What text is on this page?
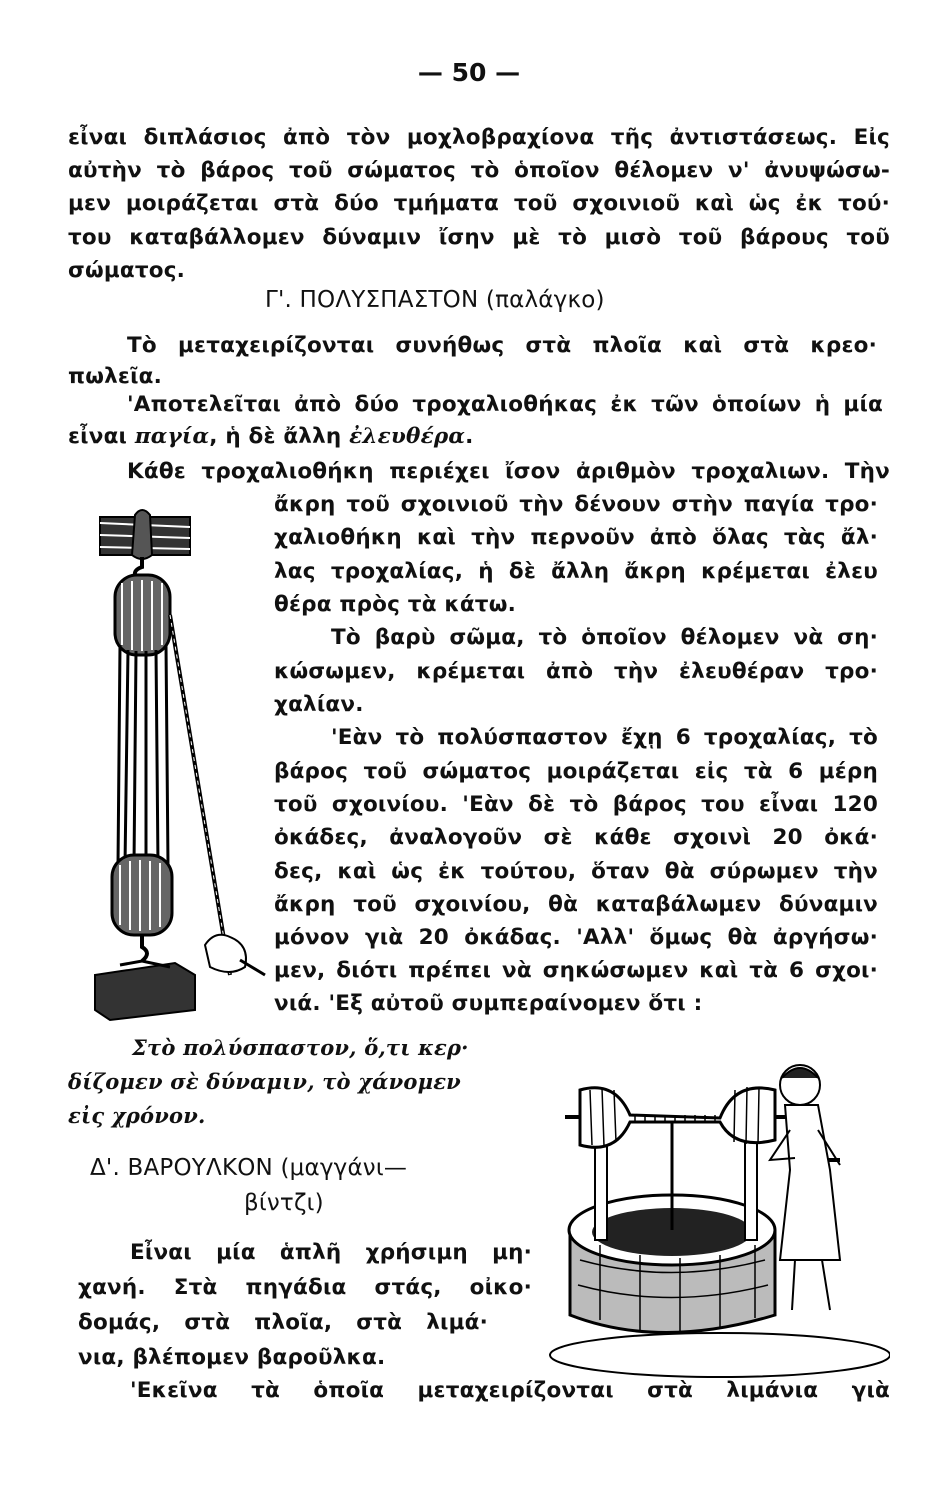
— 50 —
εἶναι διπλάσιος ἀπὸ τὸν μοχλοβραχίονα τῆς ἀντιστάσεως. Εἰς
αὐτὴν τὸ βάρος τοῦ σώματος τὸ ὁποῖον θέλομεν ν' ἀνυψώσω-
μεν μοιράζεται στὰ δύο τμήματα τοῦ σχοινιοῦ καὶ ὡς ἐκ τού·
του καταβάλλομεν δύναμιν ἴσην μὲ τὸ μισὸ τοῦ βάρους τοῦ
σώματος.
Γ'. ΠΟΛΥΣΠΑΣΤΟΝ (παλάγκο)
Τὸ μεταχειρίζονται συνήθως στὰ πλοῖα καὶ στὰ κρεο·
πωλεῖα.
'Αποτελεῖται ἀπὸ δύο τροχαλιοθήκας ἐκ τῶν ὁποίων ἡ μία
εἶναι παγία, ἡ δὲ ἄλλη ἐλευθέρα.
Κάθε τροχαλιοθήκη περιέχει ἴσον ἀριθμὸν τροχαλιων. Τὴν
ἄκρη τοῦ σχοινιοῦ τὴν δένουν στὴν παγία τρο·
χαλιοθήκη καὶ τὴν περνοῦν ἀπὸ ὅλας τὰς ἄλ·
λας τροχαλίας, ἡ δὲ ἄλλη ἄκρη κρέμεται ἐλευ
θέρα πρὸς τὰ κάτω.
Τὸ βαρὺ σῶμα, τὸ ὁποῖον θέλομεν νὰ ση·
κώσωμεν, κρέμεται ἀπὸ τὴν ἐλευθέραν τρο·
χαλίαν.
'Εὰν τὸ πολύσπαστον ἔχῃ 6 τροχαλίας, τὸ
βάρος τοῦ σώματος μοιράζεται εἰς τὰ 6 μέρη
τοῦ σχοινίου. 'Εὰν δὲ τὸ βάρος του εἶναι 120
ὀκάδες, ἀναλογοῦν σὲ κάθε σχοινὶ 20 ὀκά·
δες, καὶ ὡς ἐκ τούτου, ὅταν θὰ σύρωμεν τὴν
ἄκρη τοῦ σχοινίου, θὰ καταβάλωμεν δύναμιν
μόνον γιὰ 20 ὀκάδας. 'Αλλ' ὅμως θὰ ἀργήσω·
μεν, διότι πρέπει νὰ σηκώσωμεν καὶ τὰ 6 σχοι·
νιά. 'Εξ αὐτοῦ συμπεραίνομεν ὅτι :
Στὸ πολύσπαστον, ὅ,τι κερ·
δίζομεν σὲ δύναμιν, τὸ χάνομεν
εἰς χρόνον.
Δ'. ΒΑΡΟΥΛΚΟΝ (μαγγάνι—
βίντζι)
Εἶναι μία ἁπλῆ χρήσιμη μη·
χανή. Στὰ πηγάδια στάς, οἰκο·
δομάς, στὰ πλοῖα, στὰ λιμά·
νια, βλέπομεν βαροῦλκα.
'Εκεῖνα τὰ ὁποῖα μεταχειρίζονται στὰ λιμάνια γιὰ
